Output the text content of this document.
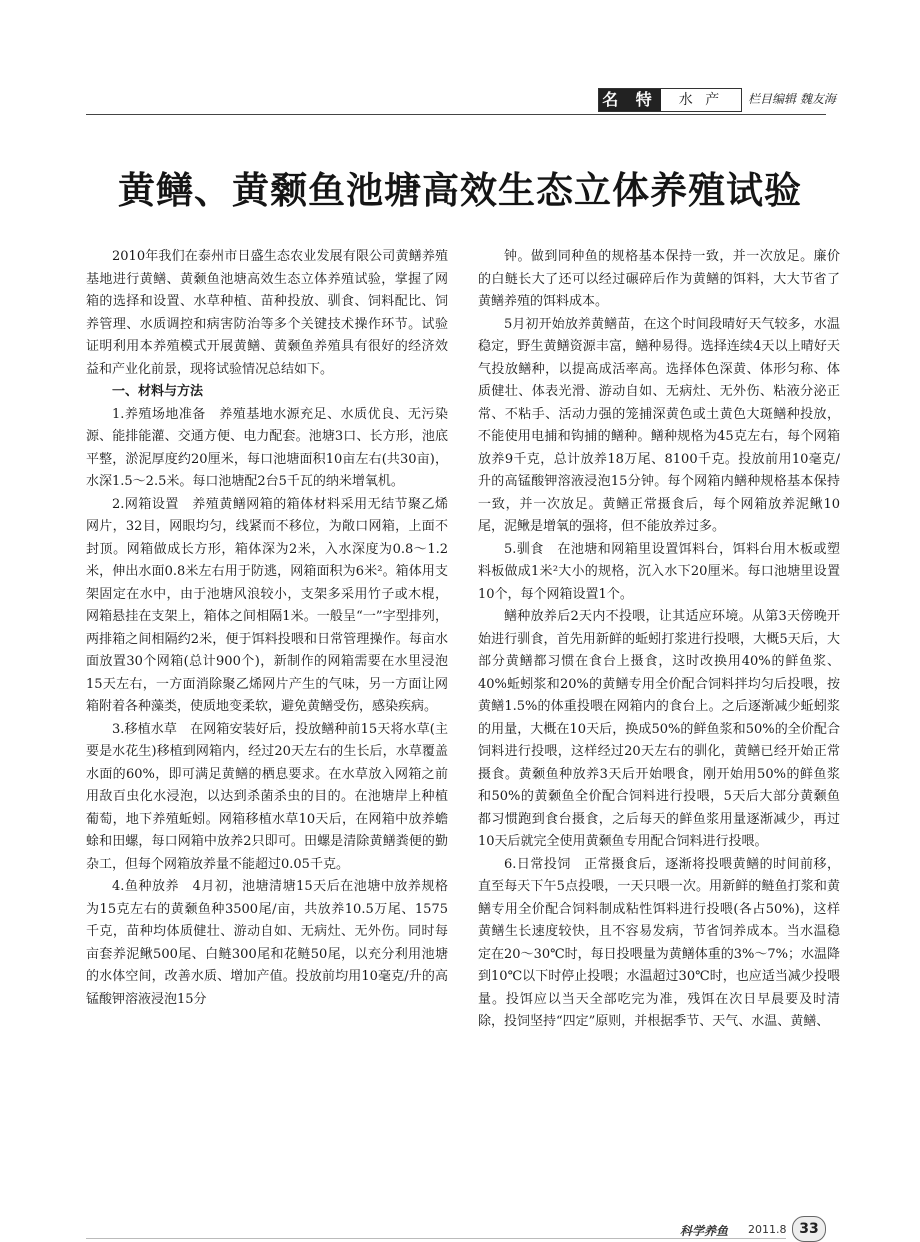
名 特	水 产	栏目编辑 魏友海
黄鳝、黄颡鱼池塘高效生态立体养殖试验

2010年我们在泰州市日盛生态农业发展有限公司黄鳝养殖基地进行黄鳝、黄颡鱼池塘高效生态立体养殖试验，掌握了网箱的选择和设置、水草种植、苗种投放、驯食、饲料配比、饲养管理、水质调控和病害防治等多个关键技术操作环节。试验证明利用本养殖模式开展黄鳝、黄颡鱼养殖具有很好的经济效益和产业化前景，现将试验情况总结如下。

一、材料与方法

1.养殖场地准备　养殖基地水源充足、水质优良、无污染源、能排能灌、交通方便、电力配套。池塘3口、长方形，池底平整，淤泥厚度约20厘米，每口池塘面积10亩左右(共30亩)，水深1.5～2.5米。每口池塘配2台5千瓦的纳米增氧机。

2.网箱设置　养殖黄鳝网箱的箱体材料采用无结节聚乙烯网片，32目，网眼均匀，线紧而不移位，为敞口网箱，上面不封顶。网箱做成长方形，箱体深为2米，入水深度为0.8～1.2米，伸出水面0.8米左右用于防逃，网箱面积为6米²。箱体用支架固定在水中，由于池塘风浪较小，支架多采用竹子或木棍，网箱悬挂在支架上，箱体之间相隔1米。一般呈“一”字型排列，两排箱之间相隔约2米，便于饵料投喂和日常管理操作。每亩水面放置30个网箱(总计900个)，新制作的网箱需要在水里浸泡15天左右，一方面消除聚乙烯网片产生的气味，另一方面让网箱附着各种藻类，使质地变柔软，避免黄鳝受伤，感染疾病。

3.移植水草　在网箱安装好后，投放鳝种前15天将水草(主要是水花生)移植到网箱内，经过20天左右的生长后，水草覆盖水面的60%，即可满足黄鳝的栖息要求。在水草放入网箱之前用敌百虫化水浸泡，以达到杀菌杀虫的目的。在池塘岸上种植葡萄，地下养殖蚯蚓。网箱移植水草10天后，在网箱中放养蟾蜍和田螺，每口网箱中放养2只即可。田螺是清除黄鳝粪便的勤杂工，但每个网箱放养量不能超过0.05千克。

4.鱼种放养　4月初，池塘清塘15天后在池塘中放养规格为15克左右的黄颡鱼种3500尾/亩，共放养10.5万尾、1575千克，苗种均体质健壮、游动自如、无病灶、无外伤。同时每亩套养泥鳅500尾、白鲢300尾和花鲢50尾，以充分利用池塘的水体空间，改善水质、增加产值。投放前均用10毫克/升的高锰酸钾溶液浸泡15分

钟。做到同种鱼的规格基本保持一致，并一次放足。廉价的白鲢长大了还可以经过碾碎后作为黄鳝的饵料，大大节省了黄鳝养殖的饵料成本。

5月初开始放养黄鳝苗，在这个时间段晴好天气较多，水温稳定，野生黄鳝资源丰富，鳝种易得。选择连续4天以上晴好天气投放鳝种，以提高成活率高。选择体色深黄、体形匀称、体质健壮、体表光滑、游动自如、无病灶、无外伤、粘液分泌正常、不粘手、活动力强的笼捕深黄色或土黄色大斑鳝种投放，不能使用电捕和钩捕的鳝种。鳝种规格为45克左右，每个网箱放养9千克，总计放养18万尾、8100千克。投放前用10毫克/升的高锰酸钾溶液浸泡15分钟。每个网箱内鳝种规格基本保持一致，并一次放足。黄鳝正常摄食后，每个网箱放养泥鳅10尾，泥鳅是增氧的强将，但不能放养过多。

5.驯食　在池塘和网箱里设置饵料台，饵料台用木板或塑料板做成1米²大小的规格，沉入水下20厘米。每口池塘里设置10个，每个网箱设置1个。

鳝种放养后2天内不投喂，让其适应环境。从第3天傍晚开始进行驯食，首先用新鲜的蚯蚓打浆进行投喂，大概5天后，大部分黄鳝都习惯在食台上摄食，这时改换用40%的鲜鱼浆、40%蚯蚓浆和20%的黄鳝专用全价配合饲料拌均匀后投喂，按黄鳝1.5%的体重投喂在网箱内的食台上。之后逐渐减少蚯蚓浆的用量，大概在10天后，换成50%的鲜鱼浆和50%的全价配合饲料进行投喂，这样经过20天左右的驯化，黄鳝已经开始正常摄食。黄颡鱼种放养3天后开始喂食，刚开始用50%的鲜鱼浆和50%的黄颡鱼全价配合饲料进行投喂，5天后大部分黄颡鱼都习惯跑到食台摄食，之后每天的鲜鱼浆用量逐渐减少，再过10天后就完全使用黄颡鱼专用配合饲料进行投喂。

6.日常投饲　正常摄食后，逐渐将投喂黄鳝的时间前移，直至每天下午5点投喂，一天只喂一次。用新鲜的鲢鱼打浆和黄鳝专用全价配合饲料制成粘性饵料进行投喂(各占50%)，这样黄鳝生长速度较快，且不容易发病，节省饲养成本。当水温稳定在20～30℃时，每日投喂量为黄鳝体重的3%～7%；水温降到10℃以下时停止投喂；水温超过30℃时，也应适当减少投喂量。投饵应以当天全部吃完为准，残饵在次日早晨要及时清除，投饲坚持“四定”原则，并根据季节、天气、水温、黄鳝、

科学养鱼 2011.8 33
